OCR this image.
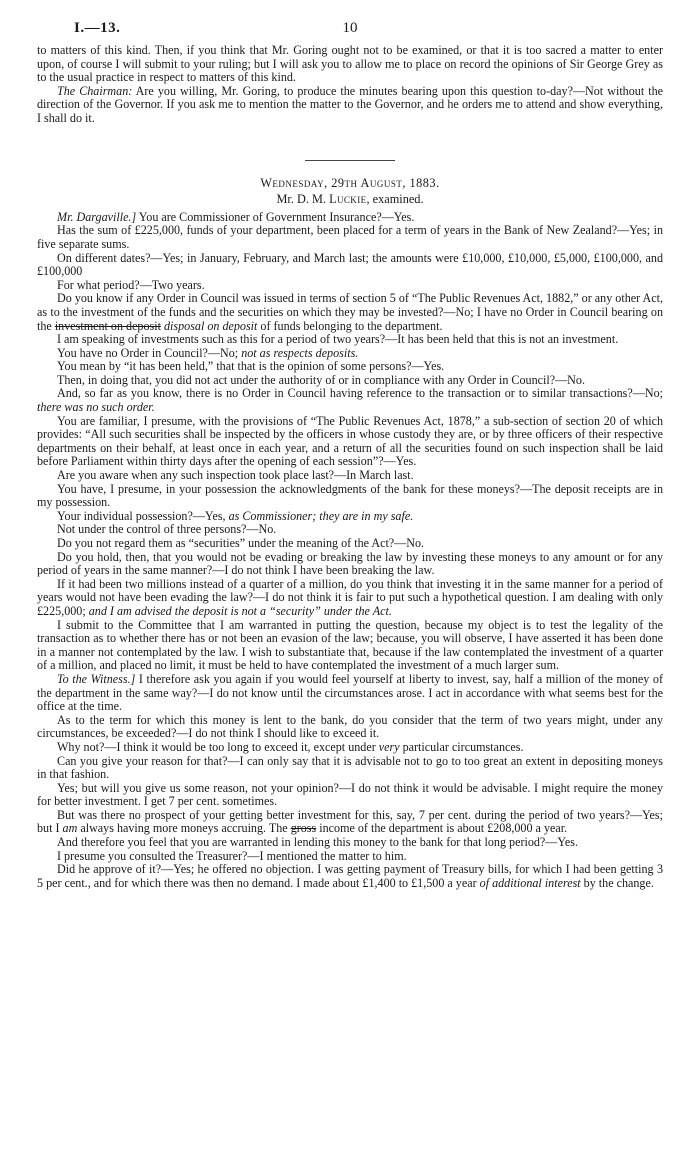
I.—13.	10

to matters of this kind. Then, if you think that Mr. Goring ought not to be examined, or that it is too sacred a matter to enter upon, of course I will submit to your ruling; but I will ask you to allow me to place on record the opinions of Sir George Grey as to the usual practice in respect to matters of this kind.

The Chairman: Are you willing, Mr. Goring, to produce the minutes bearing upon this question to-day?—Not without the direction of the Governor. If you ask me to mention the matter to the Governor, and he orders me to attend and show everything, I shall do it.

Wednesday, 29th August, 1883.
Mr. D. M. Luckie, examined.

Mr. Dargaville.] You are Commissioner of Government Insurance?—Yes.

Has the sum of £225,000, funds of your department, been placed for a term of years in the Bank of New Zealand?—Yes; in five separate sums.

On different dates?—Yes; in January, February, and March last; the amounts were £10,000, £10,000, £5,000, £100,000, and £100,000

For what period?—Two years.

Do you know if any Order in Council was issued in terms of section 5 of “The Public Revenues Act, 1882,” or any other Act, as to the investment of the funds and the securities on which they may be invested?—No; I have no Order in Council bearing on the investment on deposit disposal on deposit of funds belonging to the department.

I am speaking of investments such as this for a period of two years?—It has been held that this is not an investment.

You have no Order in Council?—No; not as respects deposits.

You mean by “it has been held,” that that is the opinion of some persons?—Yes.

Then, in doing that, you did not act under the authority of or in compliance with any Order in Council?—No.

And, so far as you know, there is no Order in Council having reference to the transaction or to similar transactions?—No; there was no such order.

You are familiar, I presume, with the provisions of “The Public Revenues Act, 1878,” a sub-section of section 20 of which provides: “All such securities shall be inspected by the officers in whose custody they are, or by three officers of their respective departments on their behalf, at least once in each year, and a return of all the securities found on such inspection shall be laid before Parliament within thirty days after the opening of each session”?—Yes.

Are you aware when any such inspection took place last?—In March last.

You have, I presume, in your possession the acknowledgments of the bank for these moneys?—The deposit receipts are in my possession.

Your individual possession?—Yes, as Commissioner; they are in my safe.

Not under the control of three persons?—No.

Do you not regard them as “securities” under the meaning of the Act?—No.

Do you hold, then, that you would not be evading or breaking the law by investing these moneys to any amount or for any period of years in the same manner?—I do not think I have been breaking the law.

If it had been two millions instead of a quarter of a million, do you think that investing it in the same manner for a period of years would not have been evading the law?—I do not think it is fair to put such a hypothetical question. I am dealing with only £225,000; and I am advised the deposit is not a “security” under the Act.

I submit to the Committee that I am warranted in putting the question, because my object is to test the legality of the transaction as to whether there has or not been an evasion of the law; because, you will observe, I have asserted it has been done in a manner not contemplated by the law. I wish to substantiate that, because if the law contemplated the investment of a quarter of a million, and placed no limit, it must be held to have contemplated the investment of a much larger sum.

To the Witness.] I therefore ask you again if you would feel yourself at liberty to invest, say, half a million of the money of the department in the same way?—I do not know until the circumstances arose. I act in accordance with what seems best for the office at the time.

As to the term for which this money is lent to the bank, do you consider that the term of two years might, under any circumstances, be exceeded?—I do not think I should like to exceed it.

Why not?—I think it would be too long to exceed it, except under very particular circumstances.

Can you give your reason for that?—I can only say that it is advisable not to go to too great an extent in depositing moneys in that fashion.

Yes; but will you give us some reason, not your opinion?—I do not think it would be advisable. I might require the money for better investment. I get 7 per cent. sometimes.

But was there no prospect of your getting better investment for this, say, 7 per cent. during the period of two years?—Yes; but I am always having more moneys accruing. The gross income of the department is about £208,000 a year.

And therefore you feel that you are warranted in lending this money to the bank for that long period?—Yes.

I presume you consulted the Treasurer?—I mentioned the matter to him.

Did he approve of it?—Yes; he offered no objection. I was getting payment of Treasury bills, for which I had been getting 3 5 per cent., and for which there was then no demand. I made about £1,400 to £1,500 a year of additional interest by the change.
